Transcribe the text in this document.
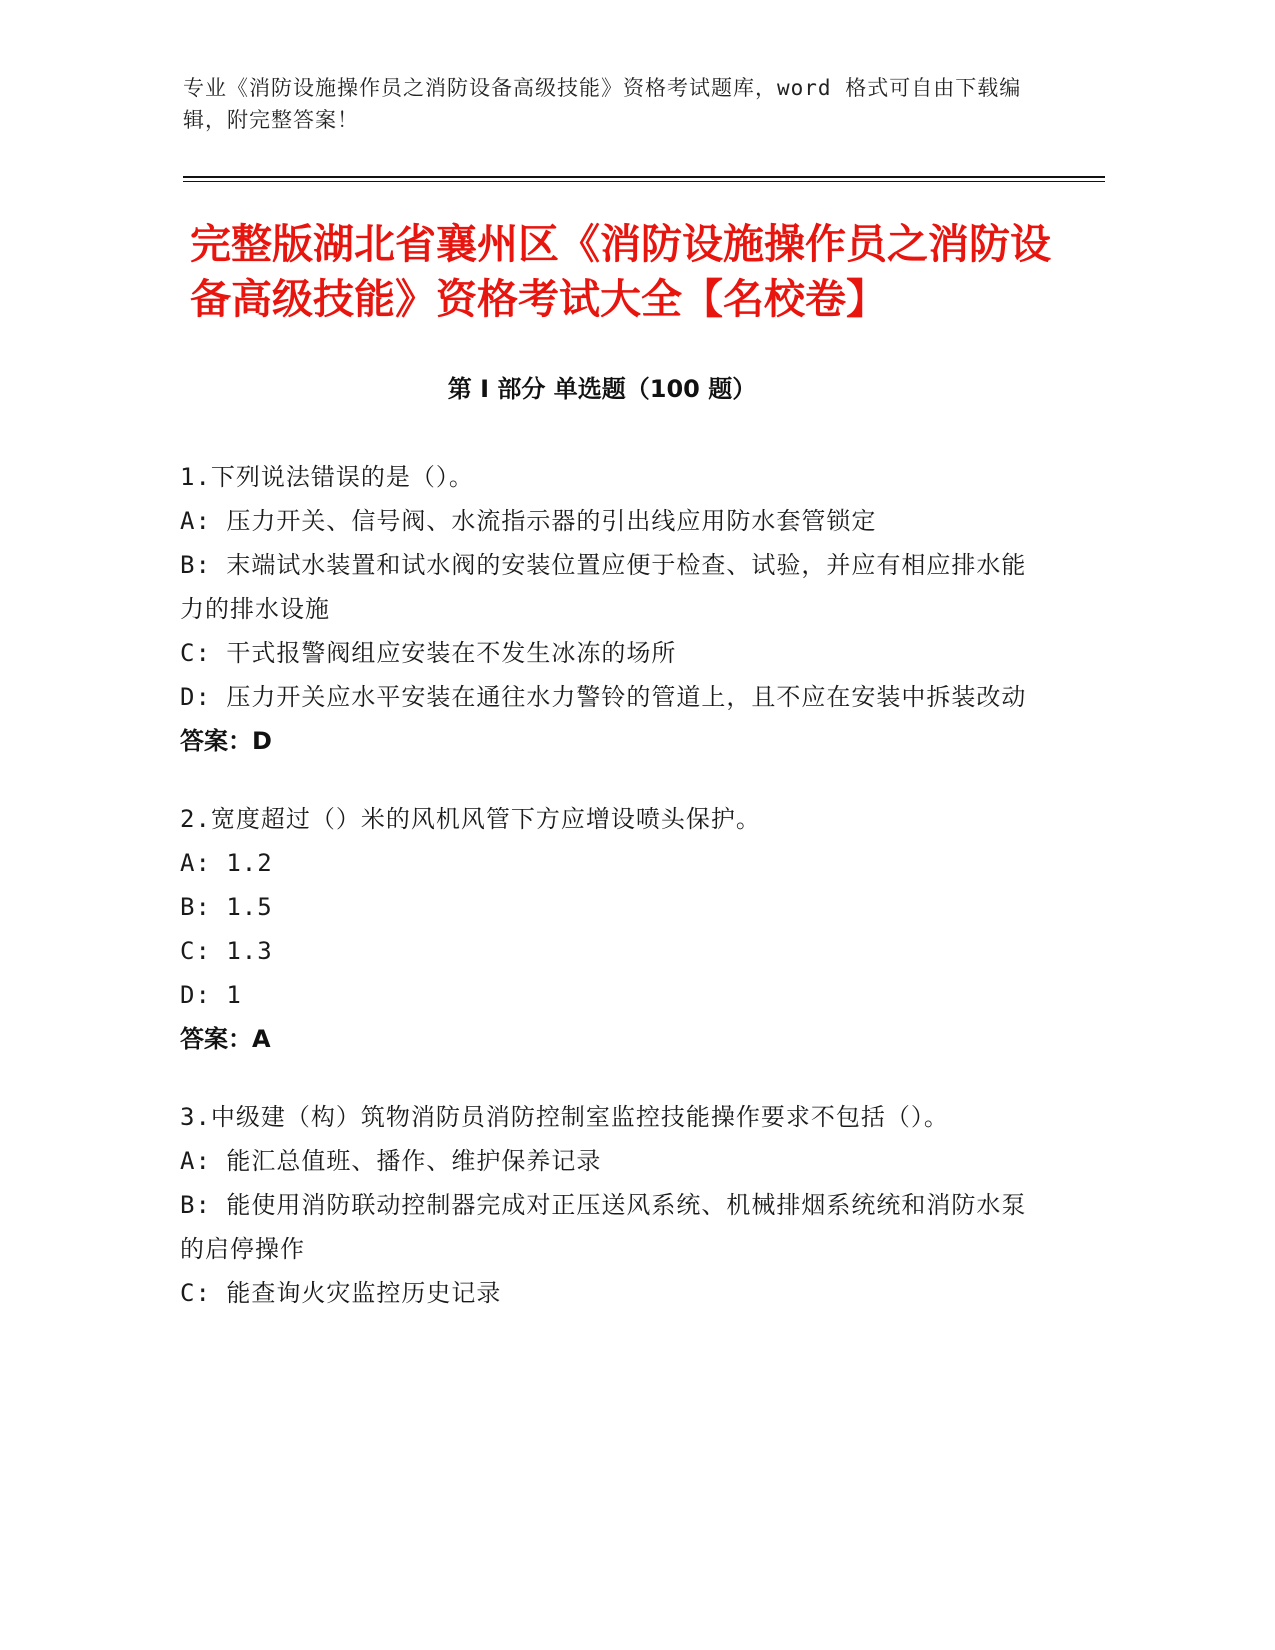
专业《消防设施操作员之消防设备高级技能》资格考试题库，word 格式可自由下载编辑，附完整答案！
完整版湖北省襄州区《消防设施操作员之消防设备高级技能》资格考试大全【名校卷】
第 I 部分 单选题（100 题）

1.下列说法错误的是（）。

A: 压力开关、信号阀、水流指示器的引出线应用防水套管锁定

B: 末端试水装置和试水阀的安装位置应便于检查、试验，并应有相应排水能力的排水设施

C: 干式报警阀组应安装在不发生冰冻的场所

D: 压力开关应水平安装在通往水力警铃的管道上，且不应在安装中拆装改动

答案：D

2.宽度超过（）米的风机风管下方应增设喷头保护。

A: 1.2

B: 1.5

C: 1.3

D: 1

答案：A

3.中级建（构）筑物消防员消防控制室监控技能操作要求不包括（）。

A: 能汇总值班、播作、维护保养记录

B: 能使用消防联动控制器完成对正压送风系统、机械排烟系统统和消防水泵的启停操作

C: 能查询火灾监控历史记录
